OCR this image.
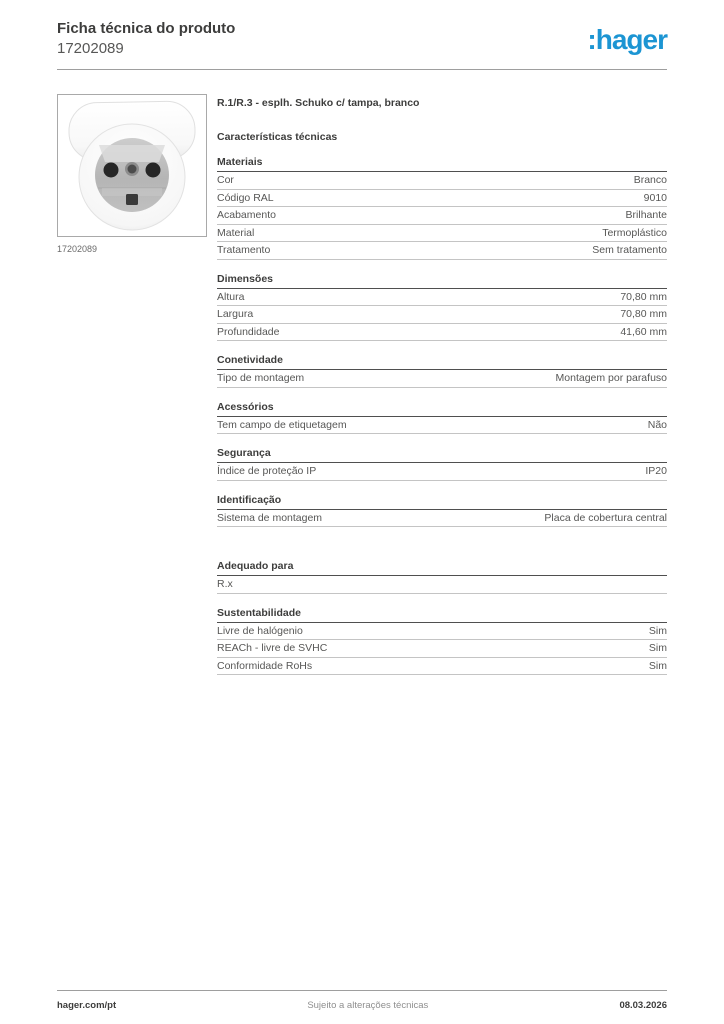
Ficha técnica do produto
17202089	:hager
17202089
R.1/R.3 - esplh. Schuko c/ tampa, branco
Características técnicas
Materiais
Cor	Branco
Código RAL	9010
Acabamento	Brilhante
Material	Termoplástico
Tratamento	Sem tratamento
Dimensões
Altura	70,80 mm
Largura	70,80 mm
Profundidade	41,60 mm
Conetividade
Tipo de montagem	Montagem por parafuso
Acessórios
Tem campo de etiquetagem	Não
Segurança
Índice de proteção IP	IP20
Identificação
Sistema de montagem	Placa de cobertura central
Adequado para
R.x
Sustentabilidade
Livre de halógenio	Sim
REACh - livre de SVHC	Sim
Conformidade RoHs	Sim
hager.com/pt	Sujeito a alterações técnicas	08.03.2026
